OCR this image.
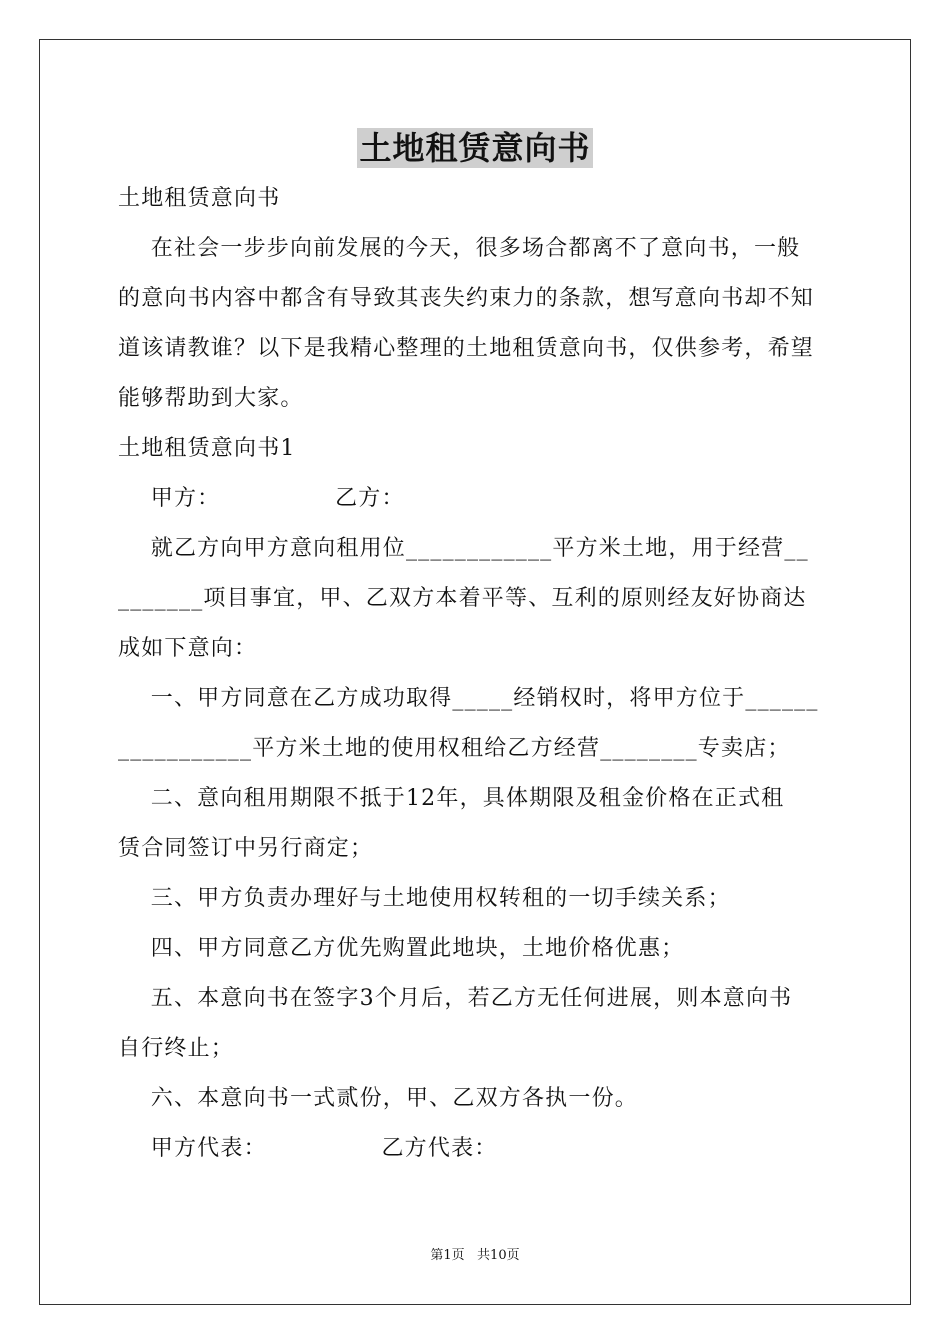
土地租赁意向书
土地租赁意向书
在社会一步步向前发展的今天，很多场合都离不了意向书，一般
的意向书内容中都含有导致其丧失约束力的条款，想写意向书却不知
道该请教谁？以下是我精心整理的土地租赁意向书，仅供参考，希望
能够帮助到大家。
土地租赁意向书1
甲方：              乙方：
就乙方向甲方意向租用位____________平方米土地，用于经营__
_______项目事宜，甲、乙双方本着平等、互利的原则经友好协商达
成如下意向：
一、甲方同意在乙方成功取得_____经销权时，将甲方位于______
___________平方米土地的使用权租给乙方经营________专卖店；
二、意向租用期限不抵于12年，具体期限及租金价格在正式租
赁合同签订中另行商定；
三、甲方负责办理好与土地使用权转租的一切手续关系；
四、甲方同意乙方优先购置此地块，土地价格优惠；
五、本意向书在签字3个月后，若乙方无任何进展，则本意向书
自行终止；
六、本意向书一式贰份，甲、乙双方各执一份。
甲方代表：              乙方代表：
第1页   共10页
